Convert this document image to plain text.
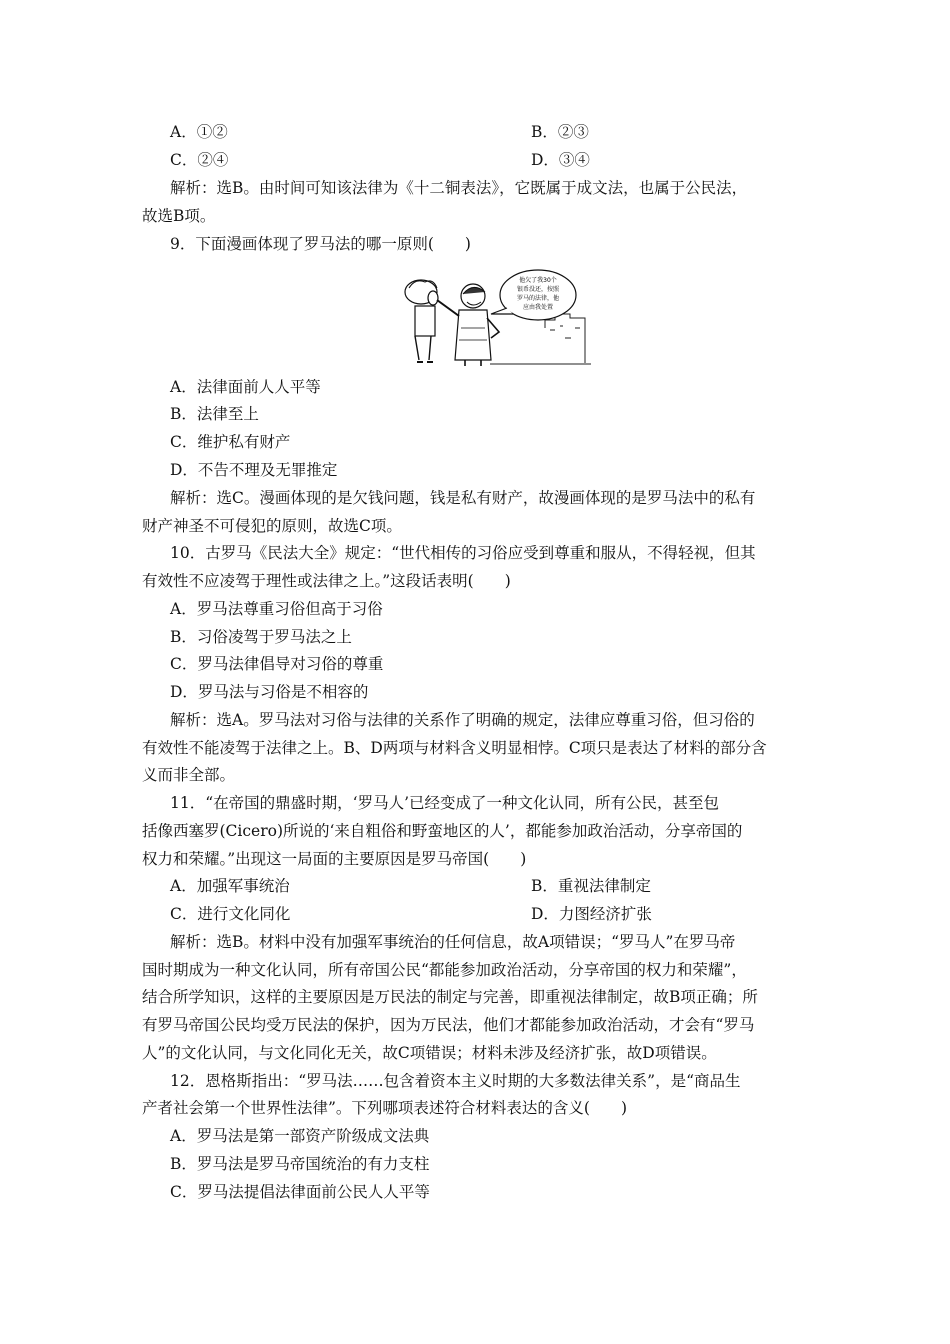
A．①②	B．②③
C．②④	D．③④
解析：选B。由时间可知该法律为《十二铜表法》，它既属于成文法，也属于公民法，
故选B项。
9．下面漫画体现了罗马法的哪一原则(　　)
他欠了我30个
银币没还，按照
罗马的法律，他
应由我处置
A．法律面前人人平等
B．法律至上
C．维护私有财产
D．不告不理及无罪推定
解析：选C。漫画体现的是欠钱问题，钱是私有财产，故漫画体现的是罗马法中的私有
财产神圣不可侵犯的原则，故选C项。
10．古罗马《民法大全》规定：“世代相传的习俗应受到尊重和服从，不得轻视，但其
有效性不应凌驾于理性或法律之上。”这段话表明(　　)
A．罗马法尊重习俗但高于习俗
B．习俗凌驾于罗马法之上
C．罗马法律倡导对习俗的尊重
D．罗马法与习俗是不相容的
解析：选A。罗马法对习俗与法律的关系作了明确的规定，法律应尊重习俗，但习俗的
有效性不能凌驾于法律之上。B、D两项与材料含义明显相悖。C项只是表达了材料的部分含
义而非全部。
11．“在帝国的鼎盛时期，‘罗马人’已经变成了一种文化认同，所有公民，甚至包
括像西塞罗(Cicero)所说的‘来自粗俗和野蛮地区的人’，都能参加政治活动，分享帝国的
权力和荣耀。”出现这一局面的主要原因是罗马帝国(　　)
A．加强军事统治	B．重视法律制定
C．进行文化同化	D．力图经济扩张
解析：选B。材料中没有加强军事统治的任何信息，故A项错误；“罗马人”在罗马帝
国时期成为一种文化认同，所有帝国公民“都能参加政治活动，分享帝国的权力和荣耀”，
结合所学知识，这样的主要原因是万民法的制定与完善，即重视法律制定，故B项正确；所
有罗马帝国公民均受万民法的保护，因为万民法，他们才都能参加政治活动，才会有“罗马
人”的文化认同，与文化同化无关，故C项错误；材料未涉及经济扩张，故D项错误。
12．恩格斯指出：“罗马法……包含着资本主义时期的大多数法律关系”，是“商品生
产者社会第一个世界性法律”。下列哪项表述符合材料表达的含义(　　)
A．罗马法是第一部资产阶级成文法典
B．罗马法是罗马帝国统治的有力支柱
C．罗马法提倡法律面前公民人人平等
